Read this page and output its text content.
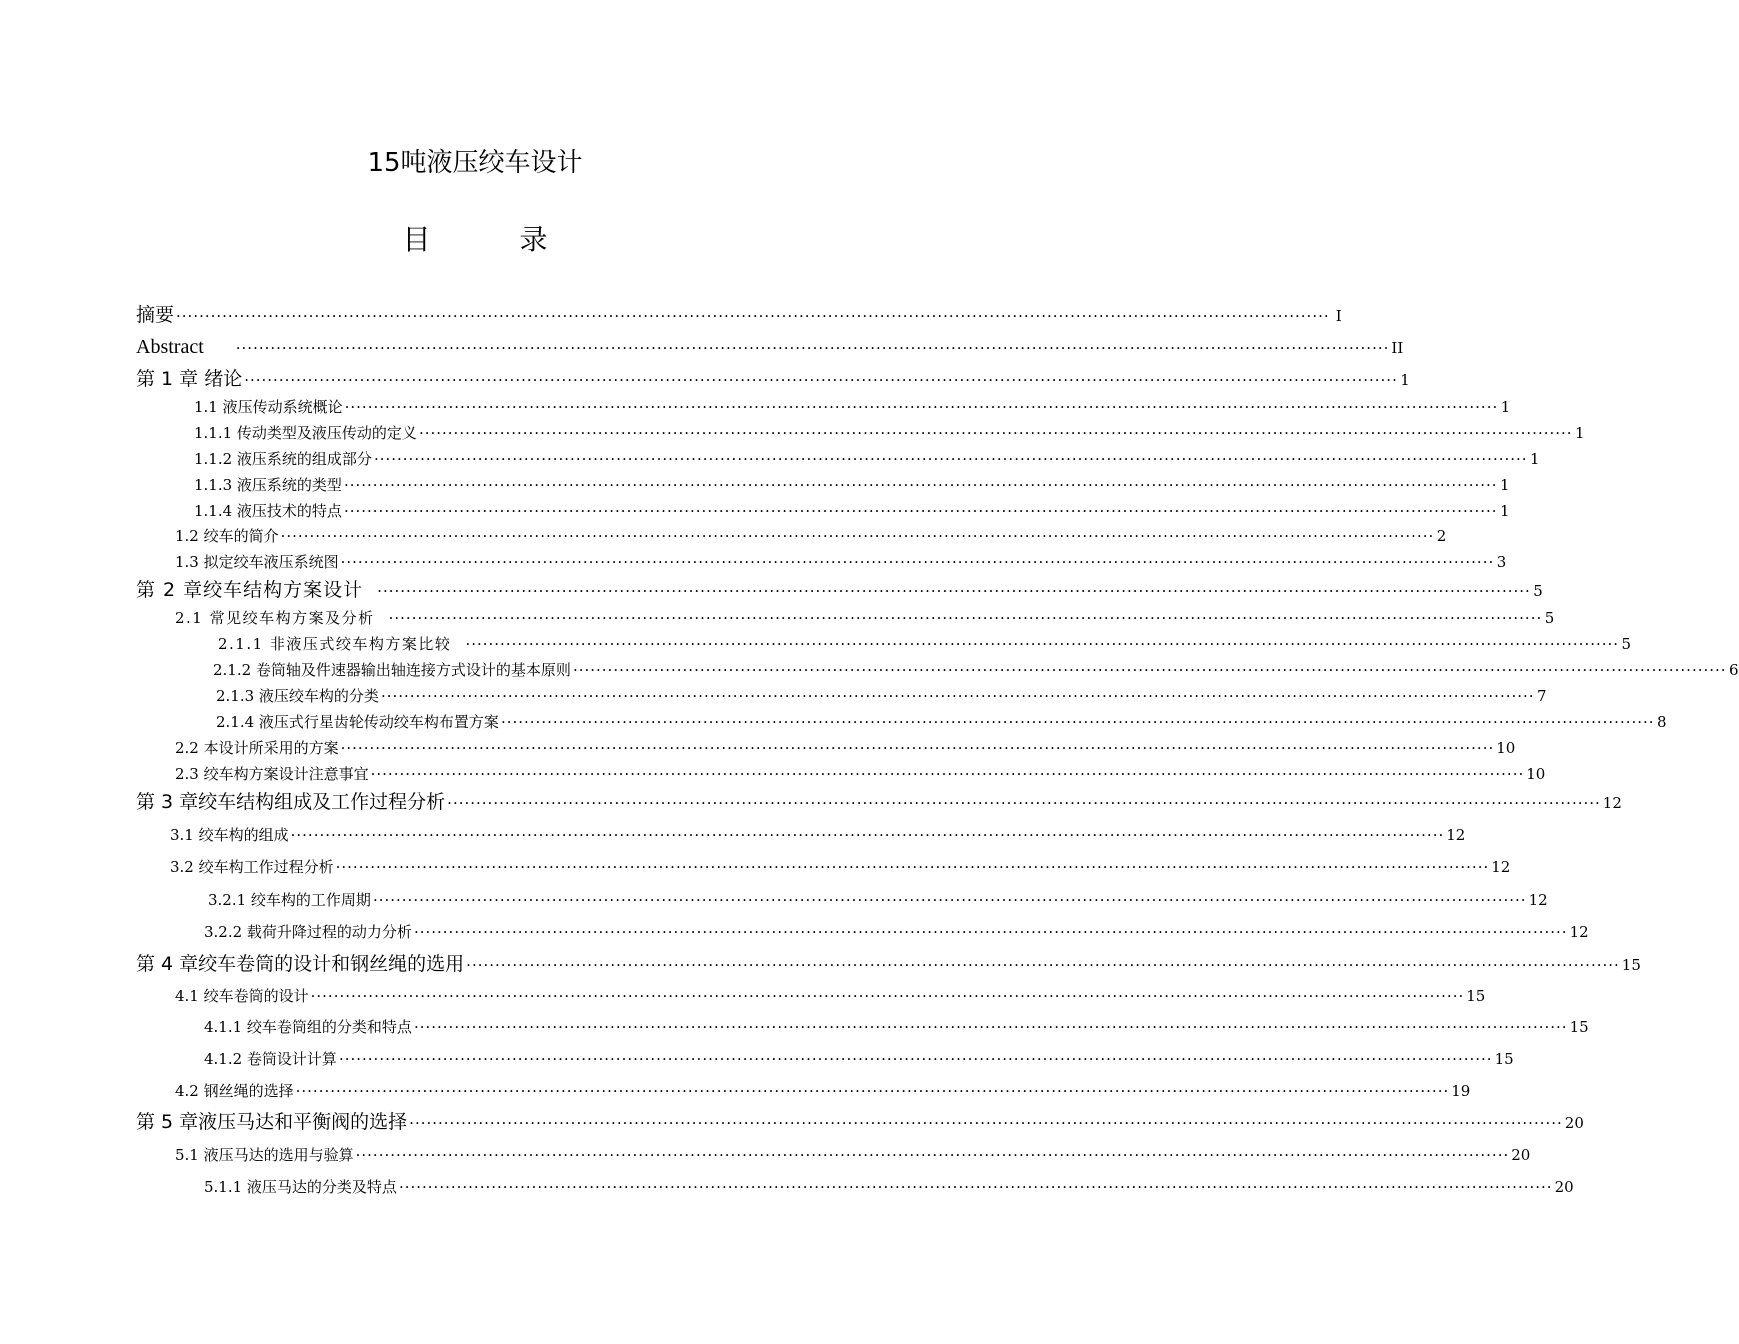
15吨液压绞车设计
目 录
摘要 ········································································································································································································ I
Abstract ········································································································································································································ II
第 1 章 绪论 ········································································································································································································ 1
1.1 液压传动系统概论 ········································································································································································································ 1
1.1.1 传动类型及液压传动的定义 ········································································································································································································ 1
1.1.2 液压系统的组成部分 ········································································································································································································ 1
1.1.3 液压系统的类型 ········································································································································································································ 1
1.1.4 液压技术的特点 ········································································································································································································ 1
1.2 绞车的简介 ········································································································································································································ 2
1.3 拟定绞车液压系统图 ········································································································································································································ 3
第 2 章绞车结构方案设计 ········································································································································································································ 5
2.1 常见绞车构方案及分析 ········································································································································································································ 5
2.1.1 非液压式绞车构方案比较 ········································································································································································································ 5
2.1.2 卷筒轴及件速器输出轴连接方式设计的基本原则 ········································································································································································································ 6
2.1.3 液压绞车构的分类 ········································································································································································································ 7
2.1.4 液压式行星齿轮传动绞车构布置方案 ········································································································································································································ 8
2.2 本设计所采用的方案 ········································································································································································································ 10
2.3 绞车构方案设计注意事宜 ········································································································································································································ 10
第 3 章绞车结构组成及工作过程分析 ········································································································································································································ 12
3.1 绞车构的组成 ········································································································································································································ 12
3.2 绞车构工作过程分析 ········································································································································································································ 12
3.2.1 绞车构的工作周期 ········································································································································································································ 12
3.2.2 载荷升降过程的动力分析 ········································································································································································································ 12
第 4 章绞车卷筒的设计和钢丝绳的选用 ········································································································································································································ 15
4.1 绞车卷筒的设计 ········································································································································································································ 15
4.1.1 绞车卷筒组的分类和特点 ········································································································································································································ 15
4.1.2 卷筒设计计算 ········································································································································································································ 15
4.2 钢丝绳的选择 ········································································································································································································ 19
第 5 章液压马达和平衡阀的选择 ········································································································································································································ 20
5.1 液压马达的选用与验算 ········································································································································································································ 20
5.1.1 液压马达的分类及特点 ········································································································································································································ 20
